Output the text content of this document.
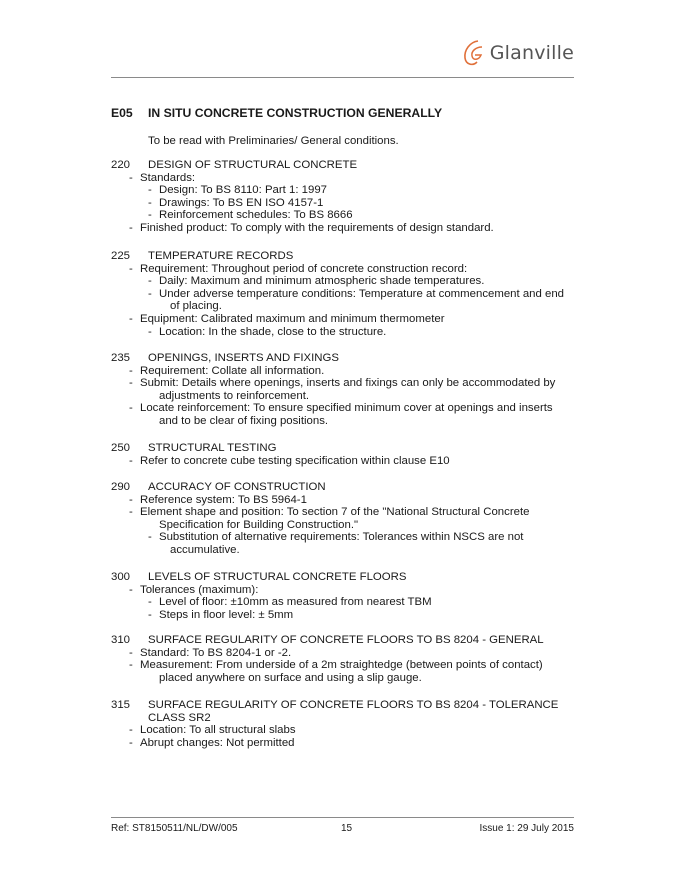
Glanville
E05	IN SITU CONCRETE CONSTRUCTION GENERALLY
To be read with Preliminaries/ General conditions.
220	DESIGN OF STRUCTURAL CONCRETE
- Standards:
- Design: To BS 8110: Part 1: 1997
- Drawings: To BS EN ISO 4157-1
- Reinforcement schedules: To BS 8666
- Finished product: To comply with the requirements of design standard.
225	TEMPERATURE RECORDS
- Requirement: Throughout period of concrete construction record:
- Daily: Maximum and minimum atmospheric shade temperatures.
- Under adverse temperature conditions: Temperature at commencement and end
of placing.
- Equipment: Calibrated maximum and minimum thermometer
- Location: In the shade, close to the structure.
235	OPENINGS, INSERTS AND FIXINGS
- Requirement: Collate all information.
- Submit: Details where openings, inserts and fixings can only be accommodated by
adjustments to reinforcement.
- Locate reinforcement: To ensure specified minimum cover at openings and inserts
and to be clear of fixing positions.
250	STRUCTURAL TESTING
- Refer to concrete cube testing specification within clause E10
290	ACCURACY OF CONSTRUCTION
- Reference system: To BS 5964-1
- Element shape and position: To section 7 of the "National Structural Concrete
Specification for Building Construction."
- Substitution of alternative requirements: Tolerances within NSCS are not
accumulative.
300	LEVELS OF STRUCTURAL CONCRETE FLOORS
- Tolerances (maximum):
- Level of floor: ±10mm as measured from nearest TBM
- Steps in floor level: ± 5mm
310	SURFACE REGULARITY OF CONCRETE FLOORS TO BS 8204 - GENERAL
- Standard: To BS 8204-1 or -2.
- Measurement: From underside of a 2m straightedge (between points of contact)
placed anywhere on surface and using a slip gauge.
315	SURFACE REGULARITY OF CONCRETE FLOORS TO BS 8204 - TOLERANCE
CLASS SR2
- Location: To all structural slabs
- Abrupt changes: Not permitted
Ref: ST8150511/NL/DW/005	15	Issue 1: 29 July 2015
